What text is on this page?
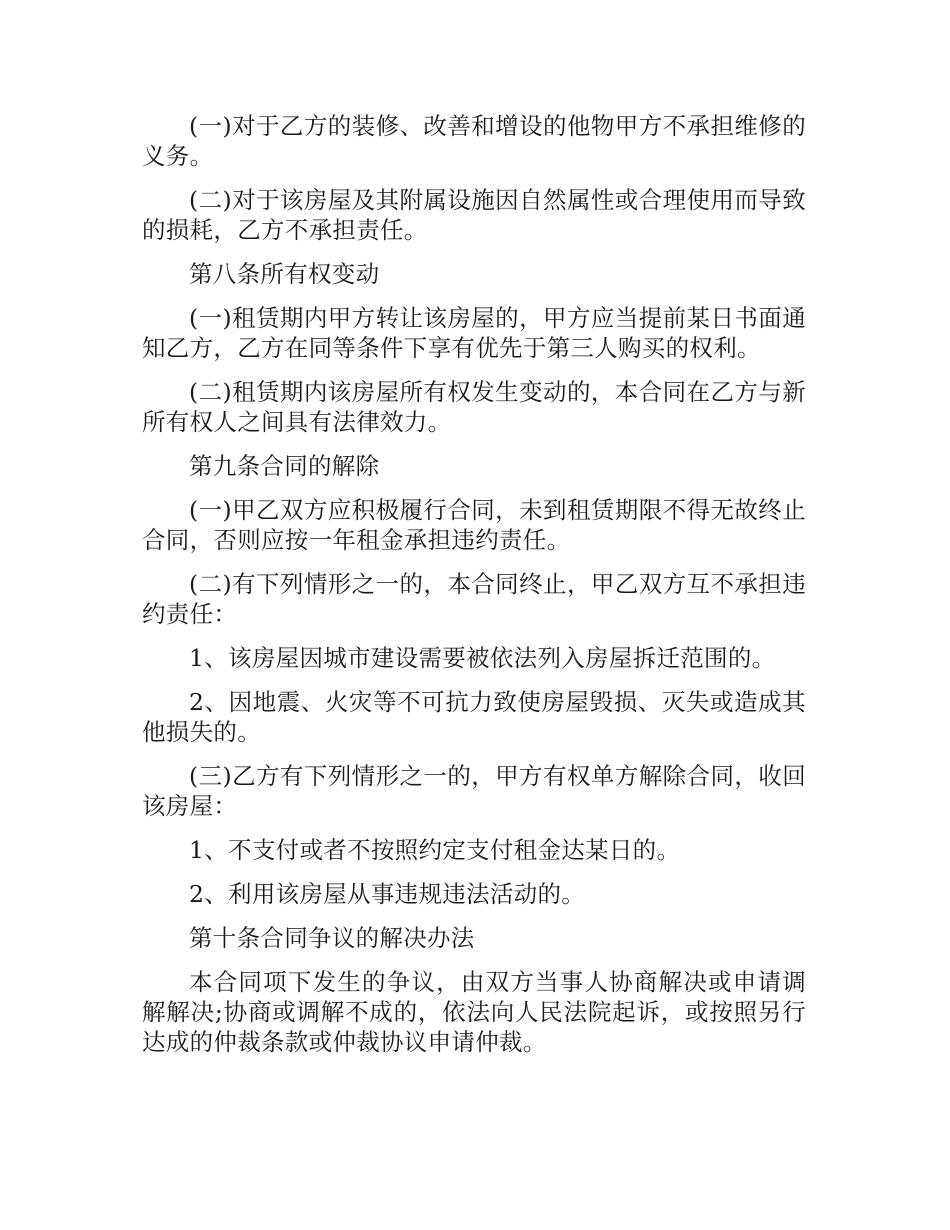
(一)对于乙方的装修、改善和增设的他物甲方不承担维修的义务。

(二)对于该房屋及其附属设施因自然属性或合理使用而导致的损耗，乙方不承担责任。

第八条所有权变动

(一)租赁期内甲方转让该房屋的，甲方应当提前某日书面通知乙方，乙方在同等条件下享有优先于第三人购买的权利。

(二)租赁期内该房屋所有权发生变动的，本合同在乙方与新所有权人之间具有法律效力。

第九条合同的解除

(一)甲乙双方应积极履行合同，未到租赁期限不得无故终止合同，否则应按一年租金承担违约责任。

(二)有下列情形之一的，本合同终止，甲乙双方互不承担违约责任：

1、该房屋因城市建设需要被依法列入房屋拆迁范围的。

2、因地震、火灾等不可抗力致使房屋毁损、灭失或造成其他损失的。

(三)乙方有下列情形之一的，甲方有权单方解除合同，收回该房屋：

1、不支付或者不按照约定支付租金达某日的。

2、利用该房屋从事违规违法活动的。

第十条合同争议的解决办法

本合同项下发生的争议，由双方当事人协商解决或申请调解解决;协商或调解不成的，依法向人民法院起诉，或按照另行达成的仲裁条款或仲裁协议申请仲裁。
